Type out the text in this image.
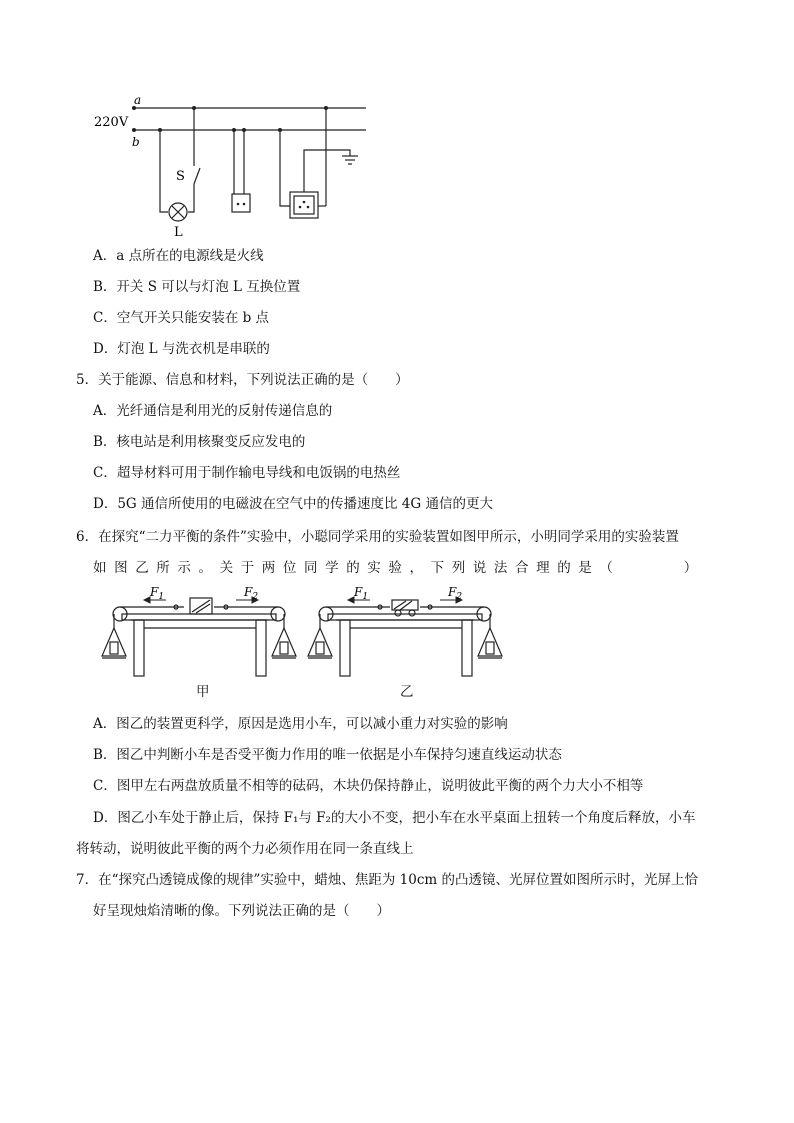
a
220V
b
S
L
A．a 点所在的电源线是火线
B．开关 S 可以与灯泡 L 互换位置
C．空气开关只能安装在 b 点
D．灯泡 L 与洗衣机是串联的
5．关于能源、信息和材料，下列说法正确的是（　　）
A．光纤通信是利用光的反射传递信息的
B．核电站是利用核聚变反应发电的
C．超导材料可用于制作输电导线和电饭锅的电热丝
D．5G 通信所使用的电磁波在空气中的传播速度比 4G 通信的更大
6．在探究“二力平衡的条件”实验中，小聪同学采用的实验装置如图甲所示，小明同学采用的实验装置
如图乙所示。关于两位同学的实验，下列说法合理的是（　　　）
$F_1$	$F_2$
甲
$F_1$	$F_2$
乙
A．图乙的装置更科学，原因是选用小车，可以减小重力对实验的影响
B．图乙中判断小车是否受平衡力作用的唯一依据是小车保持匀速直线运动状态
C．图甲左右两盘放质量不相等的砝码，木块仍保持静止，说明彼此平衡的两个力大小不相等
D．图乙小车处于静止后，保持 F₁与 F₂的大小不变，把小车在水平桌面上扭转一个角度后释放，小车
将转动，说明彼此平衡的两个力必须作用在同一条直线上
7．在“探究凸透镜成像的规律”实验中，蜡烛、焦距为 10cm 的凸透镜、光屏位置如图所示时，光屏上恰
好呈现烛焰清晰的像。下列说法正确的是（　　）
